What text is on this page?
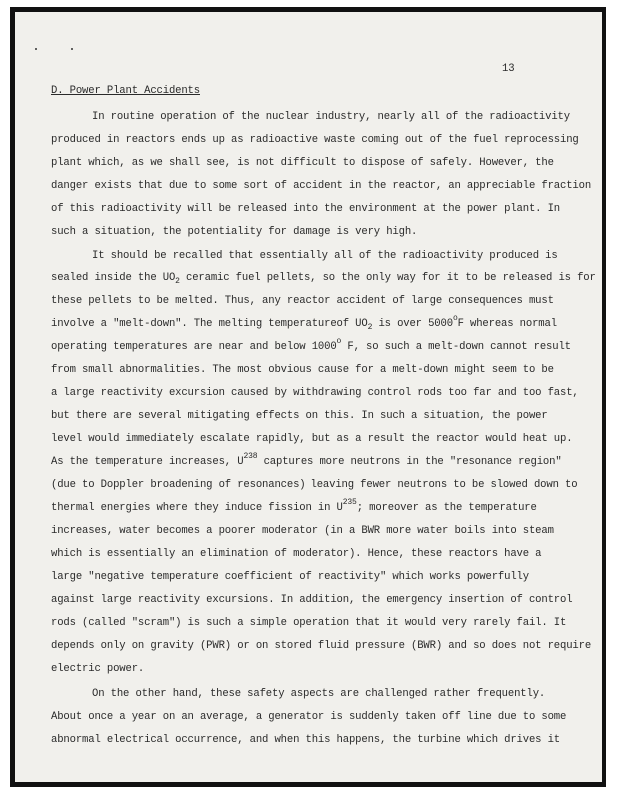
13
D. Power Plant Accidents
In routine operation of the nuclear industry, nearly all of the radioactivity
produced in reactors ends up as radioactive waste coming out of the fuel reprocessing
plant which, as we shall see, is not difficult to dispose of safely. However, the
danger exists that due to some sort of accident in the reactor, an appreciable fraction
of this radioactivity will be released into the environment at the power plant. In
such a situation, the potentiality for damage is very high.
It should be recalled that essentially all of the radioactivity produced is
sealed inside the $UO_2$ ceramic fuel pellets, so the only way for it to be released is for
these pellets to be melted. Thus, any reactor accident of large consequences must
involve a "melt-down". The melting temperatureof $UO_2$ is over 5000$^o$F whereas normal
operating temperatures are near and below 1000$^o$ F, so such a melt-down cannot result
from small abnormalities. The most obvious cause for a melt-down might seem to be
a large reactivity excursion caused by withdrawing control rods too far and too fast,
but there are several mitigating effects on this. In such a situation, the power
level would immediately escalate rapidly, but as a result the reactor would heat up.
As the temperature increases, $U^{238}$ captures more neutrons in the "resonance region"
(due to Doppler broadening of resonances) leaving fewer neutrons to be slowed down to
thermal energies where they induce fission in $U^{235}$; moreover as the temperature
increases, water becomes a poorer moderator (in a BWR more water boils into steam
which is essentially an elimination of moderator). Hence, these reactors have a
large "negative temperature coefficient of reactivity" which works powerfully
against large reactivity excursions. In addition, the emergency insertion of control
rods (called "scram") is such a simple operation that it would very rarely fail. It
depends only on gravity (PWR) or on stored fluid pressure (BWR) and so does not require
electric power.
On the other hand, these safety aspects are challenged rather frequently.
About once a year on an average, a generator is suddenly taken off line due to some
abnormal electrical occurrence, and when this happens, the turbine which drives it
